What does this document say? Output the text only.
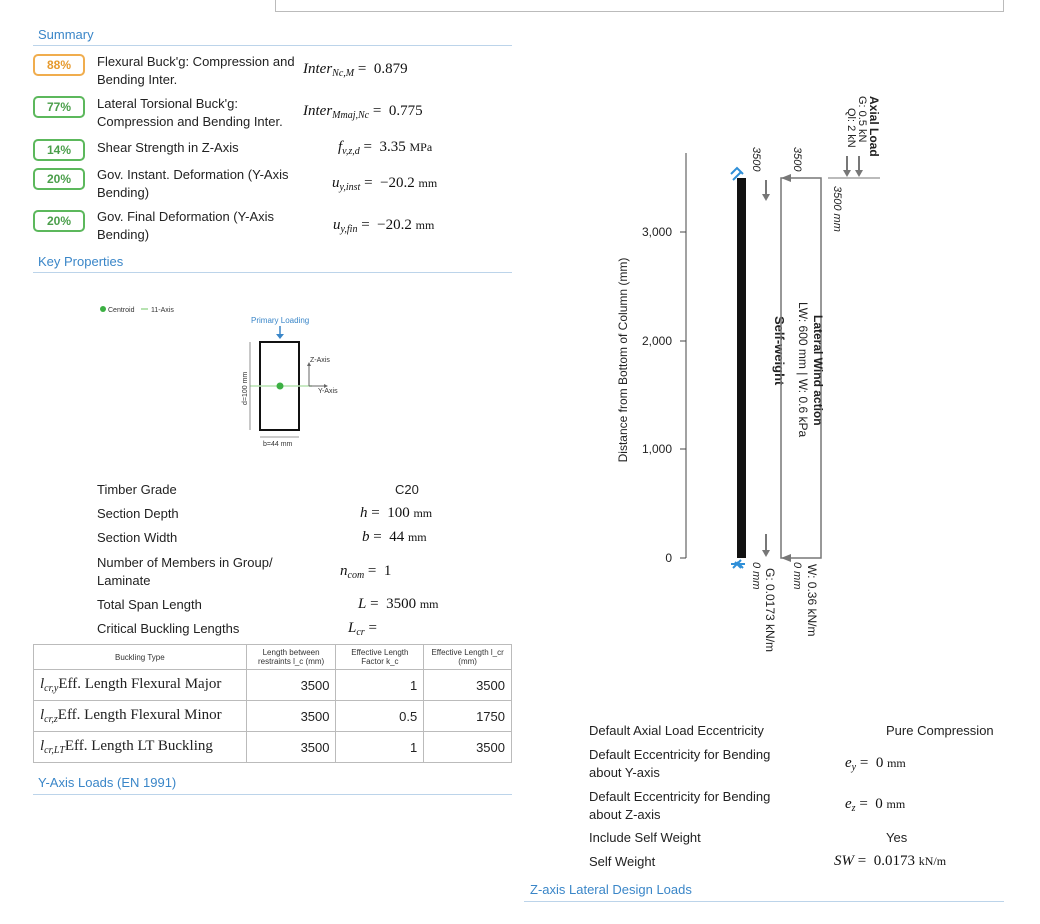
Summary
88%	Flexural Buck'g: Compression and Bending Inter.
Inter$_{Nc,M}$ =  0.879
77%	Lateral Torsional Buck'g: Compression and Bending Inter.
Inter$_{Mmaj,Nc}$ =  0.775
14%	Shear Strength in Z-Axis	$f_{v,z,d} = 3.35$ MPa
20%	Gov. Instant. Deformation (Y-Axis Bending)
$u_{y,inst} = -20.2$ mm
20%	Gov. Final Deformation (Y-Axis Bending)
$u_{y,fin} = -20.2$ mm
Key Properties
Centroid 11-Axis
Primary Loading
Z-Axis
Y-Axis
d=100 mm
b=44 mm
Timber Grade	C20
Section Depth	h =  100 mm
Section Width	b =  44 mm
Number of Members in Group/ Laminate
$n_{com} = 1$
Total Span Length	L =  3500 mm
Critical Buckling Lengths	$L_{cr}$ =
Buckling Type	Length between restraints l_c (mm)	Effective Length Factor k_c	Effective Length l_cr (mm)
$l_{cr,y}Eff$. Length Flexural Major	3500	1	3500
$l_{cr,z}Eff$. Length Flexural Minor	3500	0.5	1750
$l_{cr,LT}Eff$. Length LT Buckling	3500	1	3500
Y-Axis Loads (EN 1991)
Distance from Bottom of Column (mm)
3,000
2,000
1,000
0
3500
Self-weight
0 mm G: 0.0173 kN/m
3500
Lateral Wind action
LW: 600 mm | W: 0.6 kPa
0 mm W: 0.36 kN/m
Axial Load
G: 0.5 kN
Ql: 2 kN
3500 mm
Default Axial Load Eccentricity	Pure Compression
Default Eccentricity for Bending about Y-axis
$e_y = 0$ mm
Default Eccentricity for Bending about Z-axis
$e_z = 0$ mm
Include Self Weight	Yes
Self Weight	SW =  0.0173 kN/m
Z-axis Lateral Design Loads
